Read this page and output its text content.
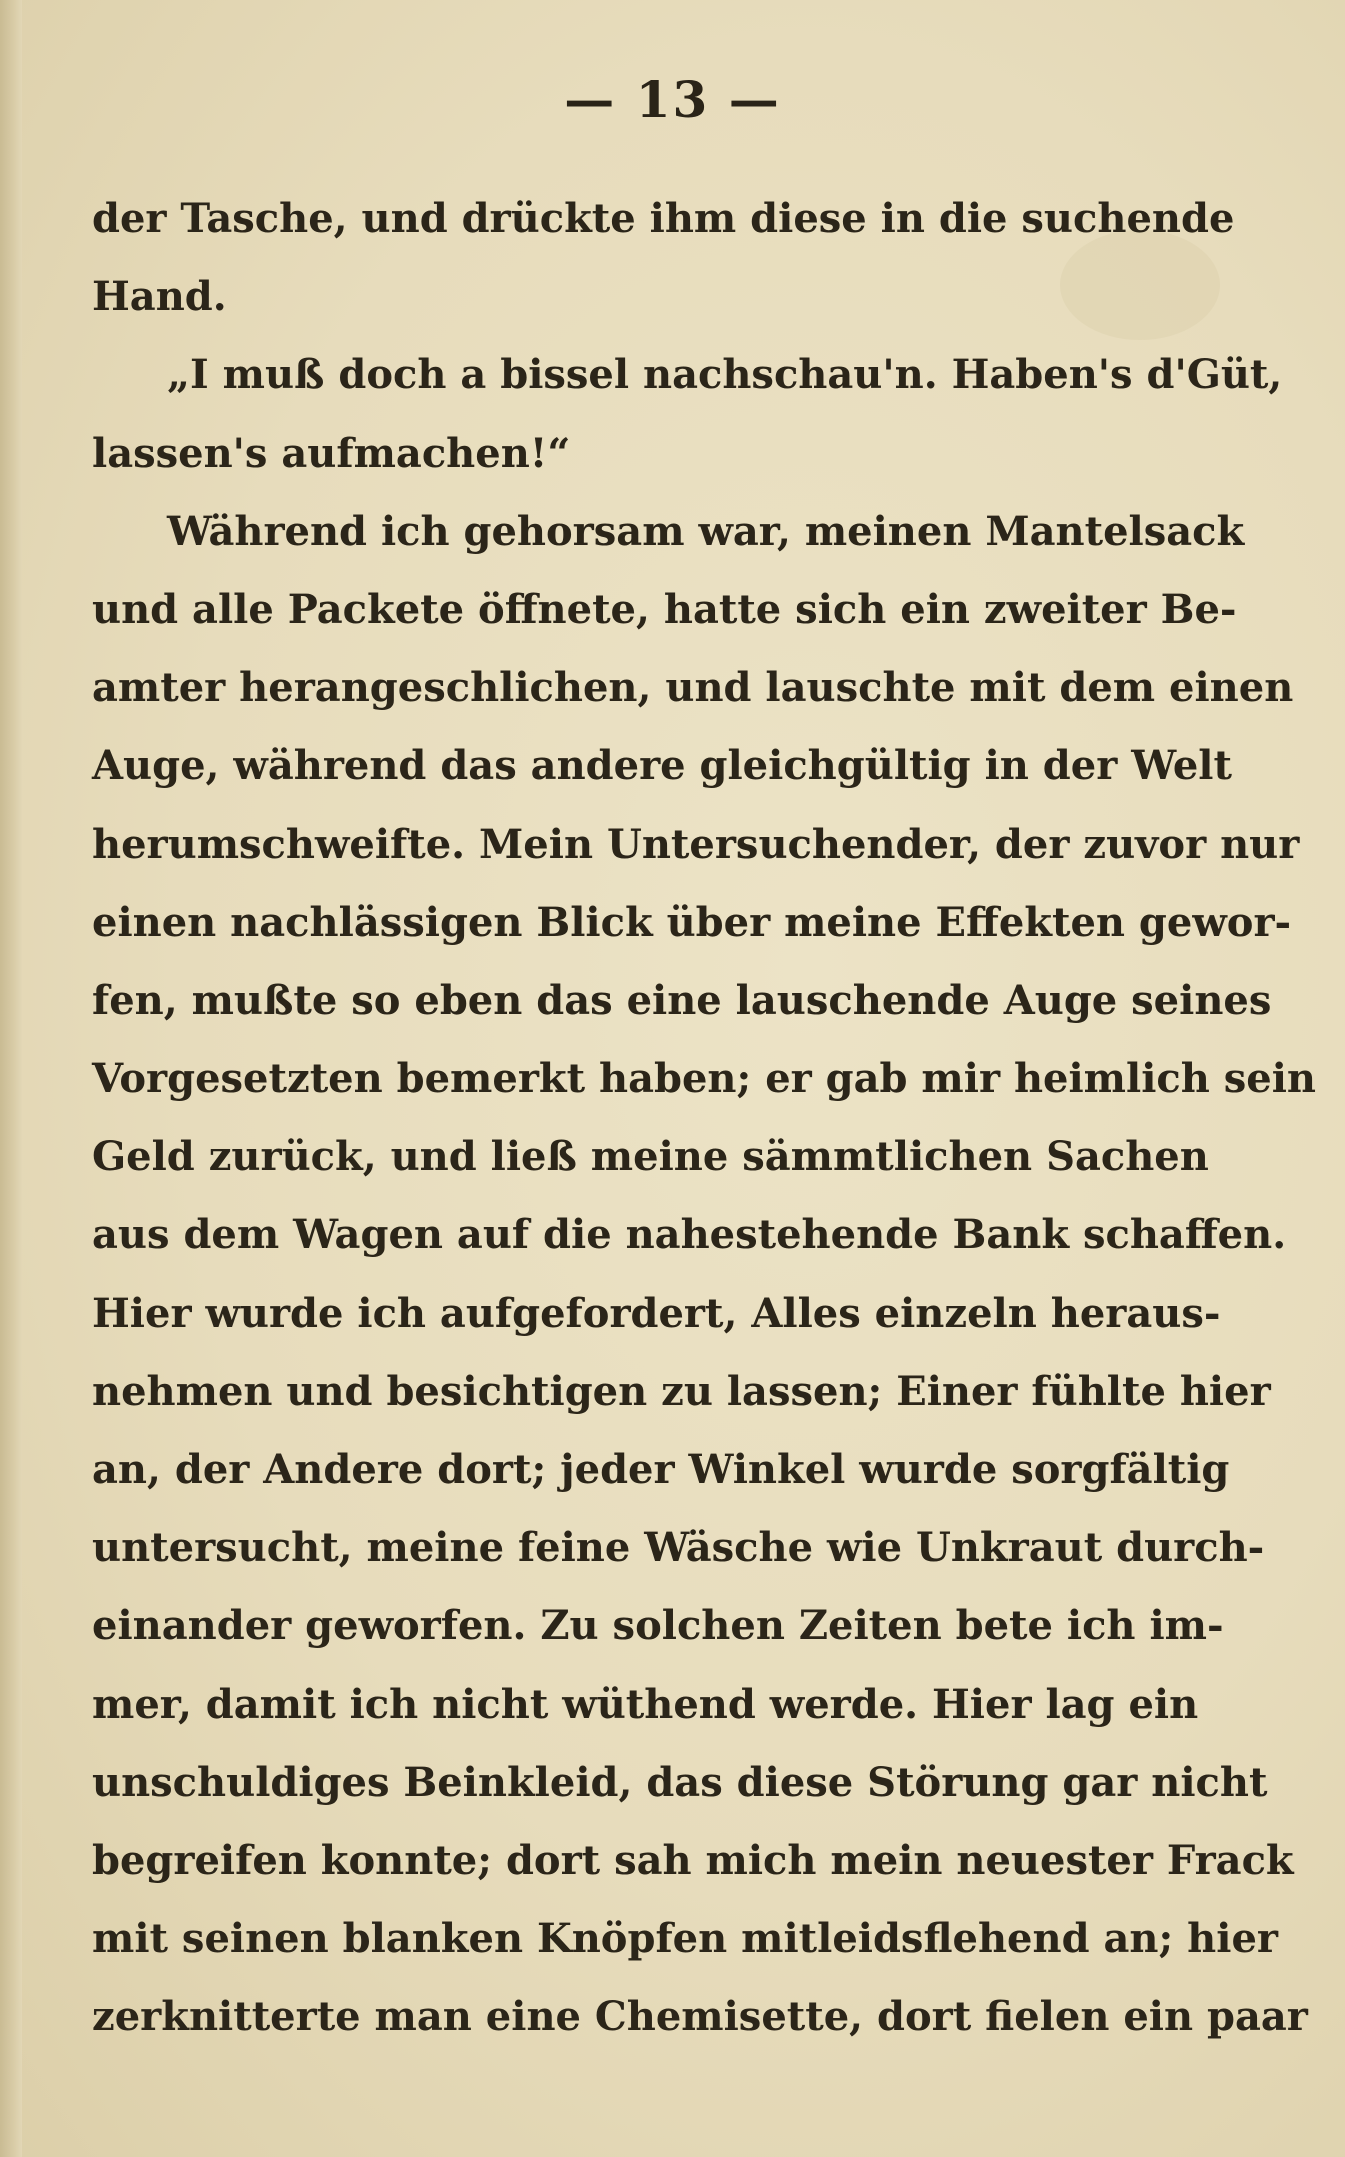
— 13 —
der Tasche, und drückte ihm diese in die suchende
Hand.
„I muß doch a bissel nachschau'n. Haben's d'Güt,
lassen's aufmachen!“
Während ich gehorsam war, meinen Mantelsack
und alle Packete öffnete, hatte sich ein zweiter Be-
amter herangeschlichen, und lauschte mit dem einen
Auge, während das andere gleichgültig in der Welt
herumschweifte. Mein Untersuchender, der zuvor nur
einen nachlässigen Blick über meine Effekten gewor-
fen, mußte so eben das eine lauschende Auge seines
Vorgesetzten bemerkt haben; er gab mir heimlich sein
Geld zurück, und ließ meine sämmtlichen Sachen
aus dem Wagen auf die nahestehende Bank schaffen.
Hier wurde ich aufgefordert, Alles einzeln heraus-
nehmen und besichtigen zu lassen; Einer fühlte hier
an, der Andere dort; jeder Winkel wurde sorgfältig
untersucht, meine feine Wäsche wie Unkraut durch-
einander geworfen. Zu solchen Zeiten bete ich im-
mer, damit ich nicht wüthend werde. Hier lag ein
unschuldiges Beinkleid, das diese Störung gar nicht
begreifen konnte; dort sah mich mein neuester Frack
mit seinen blanken Knöpfen mitleidsflehend an; hier
zerknitterte man eine Chemisette, dort fielen ein paar
